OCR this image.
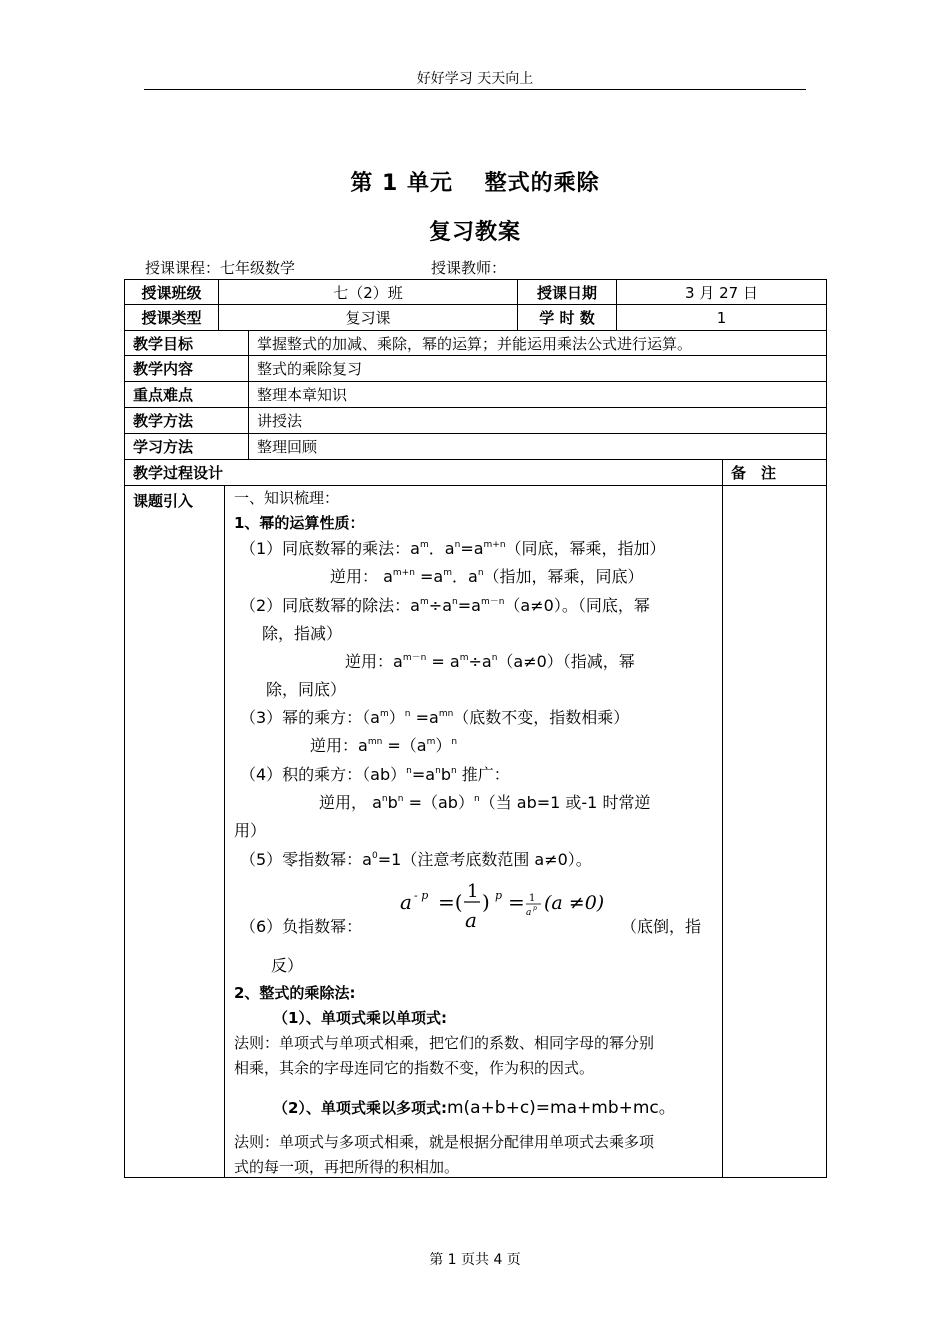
好好学习 天天向上
第 1 单元　 整式的乘除
复习教案
授课课程：七年级数学	授课教师：
授课班级	七（2）班	授课日期	3 月 27 日
授课类型	复习课	学 时 数	1
教学目标	掌握整式的加减、乘除，幂的运算；并能运用乘法公式进行运算。
教学内容	整式的乘除复习
重点难点	整理本章知识
教学方法	讲授法
学习方法	整理回顾
教学过程设计	备　注
课题引入	一、知识梳理：
1、幂的运算性质：
（1）同底数幂的乘法：$a^m$．$a^n=a^{m+n}$（同底，幂乘，指加）
逆用： $a^{m+n} =a^m$．$a^n$（指加，幂乘，同底）
（2）同底数幂的除法：$a^m\div a^n=a^{m-n}(a\ne 0)$。（同底，幂
除，指减）
逆用：$a^{m-n} = a^m\div a^n(a\ne 0)$（指减，幂
除，同底）
（3）幂的乘方：$(a^m)^n =a^{mn}$（底数不变，指数相乘）
逆用：$a^{mn} =(a^m)^n$
（4）积的乘方：$(ab)^n=a^nb^n$ 推广：
逆用， $a^nb^n =(ab)^n$（当 ab=1 或-1 时常逆
用）
（5）零指数幂：$a^0=1$（注意考底数范围 a≠0）。
（6）负指数幂：
a - p =( 1
a
) p = 1
a p (a ≠0)
（底倒，指
反）
2、整式的乘除法:
（1）、单项式乘以单项式:
法则：单项式与单项式相乘，把它们的系数、相同字母的幂分别
相乘，其余的字母连同它的指数不变，作为积的因式。
（2）、单项式乘以多项式:m(a+b+c)=ma+mb+mc。
法则：单项式与多项式相乘，就是根据分配律用单项式去乘多项
式的每一项，再把所得的积相加。
第 1 页共 4 页
